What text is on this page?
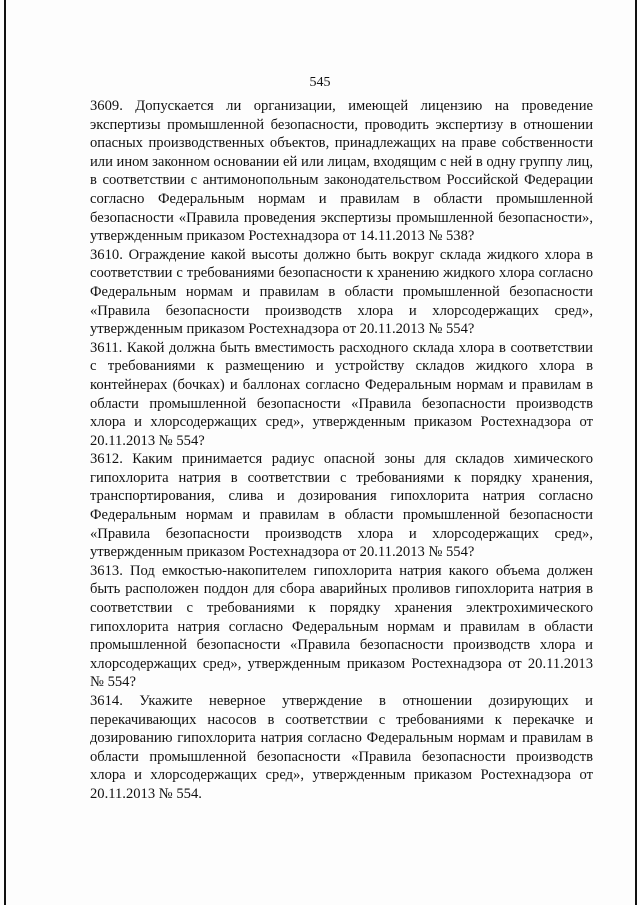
545

3609. Допускается ли организации, имеющей лицензию на проведение экспертизы промышленной безопасности, проводить экспертизу в отношении опасных производственных объектов, принадлежащих на праве собственности или ином законном основании ей или лицам, входящим с ней в одну группу лиц, в соответствии с антимонопольным законодательством Российской Федерации согласно Федеральным нормам и правилам в области промышленной безопасности «Правила проведения экспертизы промышленной безопасности», утвержденным приказом Ростехнадзора от 14.11.2013 № 538?

3610. Ограждение какой высоты должно быть вокруг склада жидкого хлора в соответствии с требованиями безопасности к хранению жидкого хлора согласно Федеральным нормам и правилам в области промышленной безопасности «Правила безопасности производств хлора и хлорсодержащих сред», утвержденным приказом Ростехнадзора от 20.11.2013 № 554?

3611. Какой должна быть вместимость расходного склада хлора в соответствии с требованиями к размещению и устройству складов жидкого хлора в контейнерах (бочках) и баллонах согласно Федеральным нормам и правилам в области промышленной безопасности «Правила безопасности производств хлора и хлорсодержащих сред», утвержденным приказом Ростехнадзора от 20.11.2013 № 554?

3612. Каким принимается радиус опасной зоны для складов химического гипохлорита натрия в соответствии с требованиями к порядку хранения, транспортирования, слива и дозирования гипохлорита натрия согласно Федеральным нормам и правилам в области промышленной безопасности «Правила безопасности производств хлора и хлорсодержащих сред», утвержденным приказом Ростехнадзора от 20.11.2013 № 554?

3613. Под емкостью-накопителем гипохлорита натрия какого объема должен быть расположен поддон для сбора аварийных проливов гипохлорита натрия в соответствии с требованиями к порядку хранения электрохимического гипохлорита натрия согласно Федеральным нормам и правилам в области промышленной безопасности «Правила безопасности производств хлора и хлорсодержащих сред», утвержденным приказом Ростехнадзора от 20.11.2013 № 554?

3614. Укажите неверное утверждение в отношении дозирующих и перекачивающих насосов в соответствии с требованиями к перекачке и дозированию гипохлорита натрия согласно Федеральным нормам и правилам в области промышленной безопасности «Правила безопасности производств хлора и хлорсодержащих сред», утвержденным приказом Ростехнадзора от 20.11.2013 № 554.
